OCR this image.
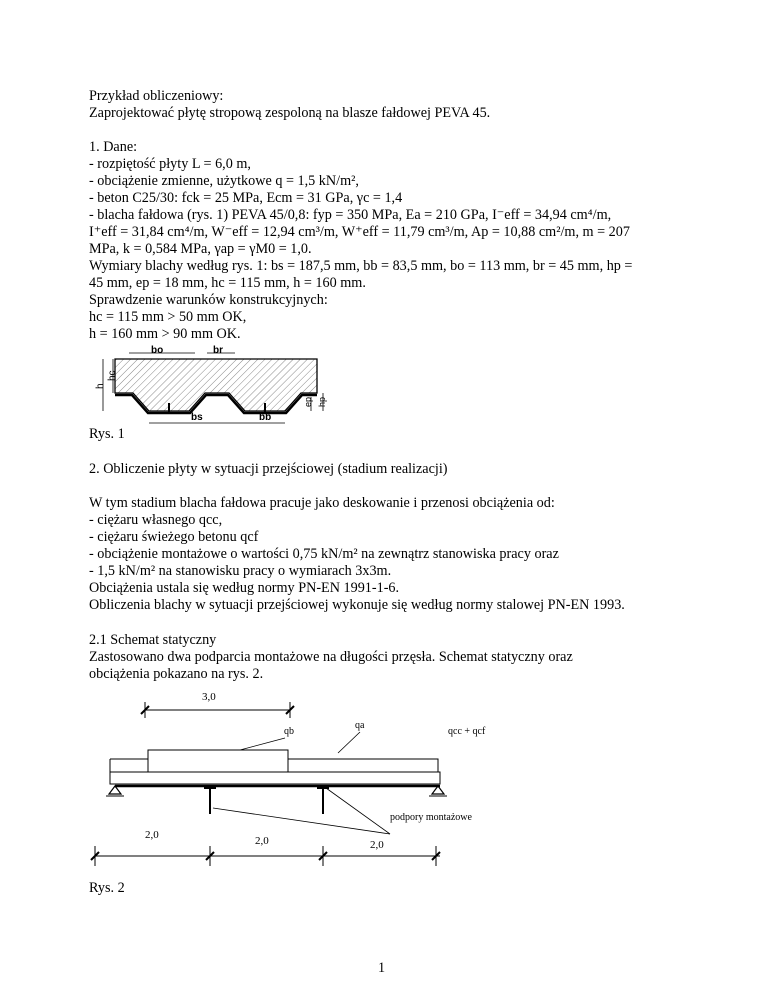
Przykład obliczeniowy:

Zaprojektować płytę stropową zespoloną na blasze fałdowej PEVA 45.

1. Dane:

- rozpiętość płyty L = 6,0 m,

- obciążenie zmienne, użytkowe q = 1,5 kN/m²,

- beton C25/30: fck = 25 MPa, Ecm = 31 GPa, γc = 1,4

- blacha fałdowa (rys. 1) PEVA 45/0,8: fyp = 350 MPa, Ea = 210 GPa, I⁻eff = 34,94 cm⁴/m,

I⁺eff = 31,84 cm⁴/m, W⁻eff = 12,94 cm³/m, W⁺eff = 11,79 cm³/m, Ap = 10,88 cm²/m, m = 207

MPa, k = 0,584 MPa, γap = γM0 = 1,0.

Wymiary blachy według rys. 1: bs = 187,5 mm, bb = 83,5 mm, bo = 113 mm, br = 45 mm, hp =

45 mm, ep = 18 mm, hc = 115 mm, h = 160 mm.

Sprawdzenie warunków konstrukcyjnych:

hc = 115 mm > 50 mm OK,

h = 160 mm > 90 mm OK.

bo	br
bs	bb
h
hc
ep hp

Rys. 1

2. Obliczenie płyty w sytuacji przejściowej (stadium realizacji)

W tym stadium blacha fałdowa pracuje jako deskowanie i przenosi obciążenia od:

- ciężaru własnego qcc,

- ciężaru świeżego betonu qcf

- obciążenie montażowe o wartości 0,75 kN/m² na zewnątrz stanowiska pracy oraz

- 1,5 kN/m² na stanowisku pracy o wymiarach 3x3m.

Obciążenia ustala się według normy PN-EN 1991-1-6.

Obliczenia blachy w sytuacji przejściowej wykonuje się według normy stalowej PN-EN 1993.

2.1 Schemat statyczny

Zastosowano dwa podparcia montażowe na długości przęsła. Schemat statyczny oraz

obciążenia pokazano na rys. 2.

3,0
qb
qa
qcc + qcf
podpory montażowe
2,0	2,0	2,0

Rys. 2

1
